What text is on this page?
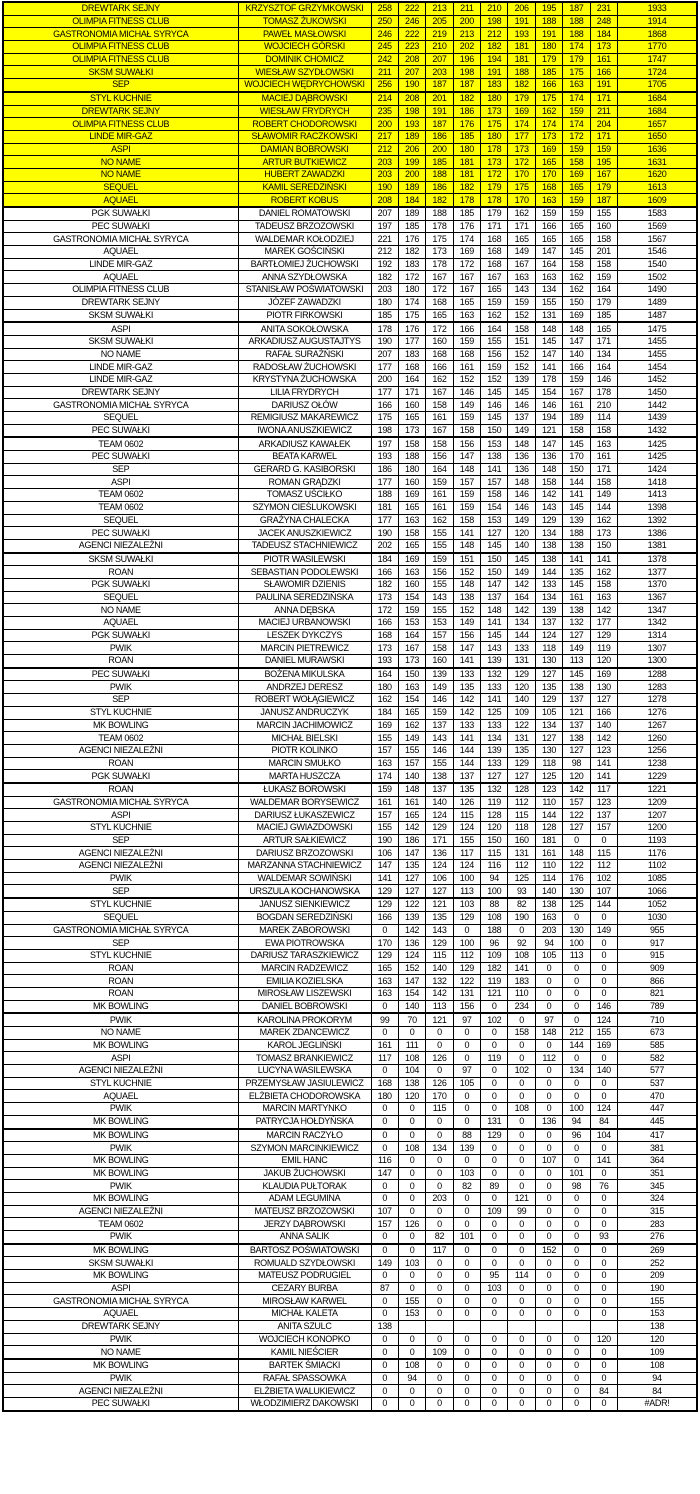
DREWTARK SEJNY	KRZYSZTOF GRZYMKOWSKI	258	222	213	211	210	206	195	187	231	1933
OLIMPIA FITNESS CLUB	TOMASZ ŻUKOWSKI	250	246	205	200	198	191	188	188	248	1914
GASTRONOMIA MICHAŁ SYRYCA	PAWEŁ MASŁOWSKI	246	222	219	213	212	193	191	188	184	1868
OLIMPIA FITNESS CLUB	WOJCIECH GÓRSKI	245	223	210	202	182	181	180	174	173	1770
OLIMPIA FITNESS CLUB	DOMINIK CHOMICZ	242	208	207	196	194	181	179	179	161	1747
SKSM SUWAŁKI	WIESŁAW SZYDŁOWSKI	211	207	203	198	191	188	185	175	166	1724
SEP	WOJCIECH WĘDRYCHOWSKI	256	190	187	187	183	182	166	163	191	1705
STYL KUCHNIE	MACIEJ DĄBROWSKI	214	208	201	182	180	179	175	174	171	1684
DREWTARK SEJNY	WIESŁAW FRYDRYCH	235	198	191	186	173	169	162	159	211	1684
OLIMPIA FITNESS CLUB	ROBERT CHODOROWSKI	200	193	187	176	175	174	174	174	204	1657
LINDE MIR-GAZ	SŁAWOMIR RACZKOWSKI	217	189	186	185	180	177	173	172	171	1650
ASPI	DAMIAN BOBROWSKI	212	206	200	180	178	173	169	159	159	1636
NO NAME	ARTUR BUTKIEWICZ	203	199	185	181	173	172	165	158	195	1631
NO NAME	HUBERT ZAWADZKI	203	200	188	181	172	170	170	169	167	1620
SEQUEL	KAMIL SEREDZIŃSKI	190	189	186	182	179	175	168	165	179	1613
AQUAEL	ROBERT KOBUS	208	184	182	178	178	170	163	159	187	1609
PGK SUWAŁKI	DANIEL ROMATOWSKI	207	189	188	185	179	162	159	159	155	1583
PEC SUWAŁKI	TADEUSZ BRZOZOWSKI	197	185	178	176	171	171	166	165	160	1569
GASTRONOMIA MICHAŁ SYRYCA	WALDEMAR KOŁODZIEJ	221	176	175	174	168	165	165	165	158	1567
AQUAEL	MAREK GOŚCIŃSKI	212	182	173	169	168	149	147	145	201	1546
LINDE MIR-GAZ	BARTŁOMIEJ ŻUCHOWSKI	192	183	178	172	168	167	164	158	158	1540
AQUAEL	ANNA SZYDŁOWSKA	182	172	167	167	167	163	163	162	159	1502
OLIMPIA FITNESS CLUB	STANISŁAW POŚWIATOWSKI	203	180	172	167	165	143	134	162	164	1490
DREWTARK SEJNY	JÓZEF ZAWADZKI	180	174	168	165	159	159	155	150	179	1489
SKSM SUWAŁKI	PIOTR FIRKOWSKI	185	175	165	163	162	152	131	169	185	1487
ASPI	ANITA SOKOŁOWSKA	178	176	172	166	164	158	148	148	165	1475
SKSM SUWAŁKI	ARKADIUSZ AUGUSTAJTYS	190	177	160	159	155	151	145	147	171	1455
NO NAME	RAFAŁ SURAŻŃSKI	207	183	168	168	156	152	147	140	134	1455
LINDE MIR-GAZ	RADOSŁAW ŻUCHOWSKI	177	168	166	161	159	152	141	166	164	1454
LINDE MIR-GAZ	KRYSTYNA ŻUCHOWSKA	200	164	162	152	152	139	178	159	146	1452
DREWTARK SEJNY	LILIA FRYDRYCH	177	171	167	146	145	145	154	167	178	1450
GASTRONOMIA MICHAŁ SYRYCA	DARIUSZ OŁÓW	166	160	158	149	146	146	146	161	210	1442
SEQUEL	REMIGIUSZ MAKAREWICZ	175	165	161	159	145	137	194	189	114	1439
PEC SUWAŁKI	IWONA ANUSZKIEWICZ	198	173	167	158	150	149	121	158	158	1432
TEAM 0602	ARKADIUSZ KAWAŁEK	197	158	158	156	153	148	147	145	163	1425
PEC SUWAŁKI	BEATA KARWEL	193	188	156	147	138	136	136	170	161	1425
SEP	GERARD G. KASIBORSKI	186	180	164	148	141	136	148	150	171	1424
ASPI	ROMAN GRĄDZKI	177	160	159	157	157	148	158	144	158	1418
TEAM 0602	TOMASZ UŚCIŁKO	188	169	161	159	158	146	142	141	149	1413
TEAM 0602	SZYMON CIEŚLUKOWSKI	181	165	161	159	154	146	143	145	144	1398
SEQUEL	GRAŻYNA CHALECKA	177	163	162	158	153	149	129	139	162	1392
PEC SUWAŁKI	JACEK ANUSZKIEWICZ	190	158	155	141	127	120	134	188	173	1386
AGENCI NIEZALEŻNI	TADEUSZ STACHNIEWICZ	202	165	155	148	145	140	138	138	150	1381
SKSM SUWAŁKI	PIOTR WASILEWSKI	184	169	159	151	150	145	138	141	141	1378
ROAN	SEBASTIAN PODOLEWSKI	166	163	156	152	150	149	144	135	162	1377
PGK SUWAŁKI	SŁAWOMIR DZIENIS	182	160	155	148	147	142	133	145	158	1370
SEQUEL	PAULINA SEREDZIŃSKA	173	154	143	138	137	164	134	161	163	1367
NO NAME	ANNA DĘBSKA	172	159	155	152	148	142	139	138	142	1347
AQUAEL	MACIEJ URBANOWSKI	166	153	153	149	141	134	137	132	177	1342
PGK SUWAŁKI	LESZEK DYKCZYS	168	164	157	156	145	144	124	127	129	1314
PWIK	MARCIN PIETREWICZ	173	167	158	147	143	133	118	149	119	1307
ROAN	DANIEL MURAWSKI	193	173	160	141	139	131	130	113	120	1300
PEC SUWAŁKI	BOŻENA MIKULSKA	164	150	139	133	132	129	127	145	169	1288
PWIK	ANDRZEJ DERESZ	180	163	149	135	133	120	135	138	130	1283
SEP	ROBERT WOŁĄGIEWICZ	162	154	146	142	141	140	129	137	127	1278
STYL KUCHNIE	JANUSZ ANDRUCZYK	184	165	159	142	125	109	105	121	166	1276
MK BOWLING	MARCIN JACHIMOWICZ	169	162	137	133	133	122	134	137	140	1267
TEAM 0602	MICHAŁ BIELSKI	155	149	143	141	134	131	127	138	142	1260
AGENCI NIEZALEŻNI	PIOTR KOLINKO	157	155	146	144	139	135	130	127	123	1256
ROAN	MARCIN SMUŁKO	163	157	155	144	133	129	118	98	141	1238
PGK SUWAŁKI	MARTA HUSZCZA	174	140	138	137	127	127	125	120	141	1229
ROAN	ŁUKASZ BOROWSKI	159	148	137	135	132	128	123	142	117	1221
GASTRONOMIA MICHAŁ SYRYCA	WALDEMAR BORYSEWICZ	161	161	140	126	119	112	110	157	123	1209
ASPI	DARIUSZ ŁUKASZEWICZ	157	165	124	115	128	115	144	122	137	1207
STYL KUCHNIE	MACIEJ GWIAZDOWSKI	155	142	129	124	120	118	128	127	157	1200
SEP	ARTUR SAŁKIEWICZ	190	186	171	155	150	160	181	0	0	1193
AGENCI NIEZALEŻNI	DARIUSZ BRZOZOWSKI	106	147	136	117	115	131	161	148	115	1176
AGENCI NIEZALEŻNI	MARZANNA STACHNIEWICZ	147	135	124	124	116	112	110	122	112	1102
PWIK	WALDEMAR SOWIŃSKI	141	127	106	100	94	125	114	176	102	1085
SEP	URSZULA KOCHANOWSKA	129	127	127	113	100	93	140	130	107	1066
STYL KUCHNIE	JANUSZ SIENKIEWICZ	129	122	121	103	88	82	138	125	144	1052
SEQUEL	BOGDAN SEREDZIŃSKI	166	139	135	129	108	190	163	0	0	1030
GASTRONOMIA MICHAŁ SYRYCA	MAREK ZABOROWSKI	0	142	143	0	188	0	203	130	149	955
SEP	EWA PIOTROWSKA	170	136	129	100	96	92	94	100	0	917
STYL KUCHNIE	DARIUSZ TARASZKIEWICZ	129	124	115	112	109	108	105	113	0	915
ROAN	MARCIN RADZEWICZ	165	152	140	129	182	141	0	0	0	909
ROAN	EMILIA KOZIELSKA	163	147	132	122	119	183	0	0	0	866
ROAN	MIROSŁAW LISZEWSKI	163	154	142	131	121	110	0	0	0	821
MK BOWLING	DANIEL BOBROWSKI	0	140	113	156	0	234	0	0	146	789
PWIK	KAROLINA PROKORYM	99	70	121	97	102	0	97	0	124	710
NO NAME	MAREK ZDANCEWICZ	0	0	0	0	0	158	148	212	155	673
MK BOWLING	KAROL JEGLIŃSKI	161	111	0	0	0	0	0	144	169	585
ASPI	TOMASZ BRANKIEWICZ	117	108	126	0	119	0	112	0	0	582
AGENCI NIEZALEŻNI	LUCYNA WASILEWSKA	0	104	0	97	0	102	0	134	140	577
STYL KUCHNIE	PRZEMYSŁAW JASIULEWICZ	168	138	126	105	0	0	0	0	0	537
AQUAEL	ELŻBIETA CHODOROWSKA	180	120	170	0	0	0	0	0	0	470
PWIK	MARCIN MARTYNKO	0	0	115	0	0	108	0	100	124	447
MK BOWLING	PATRYCJA HOŁDYŃSKA	0	0	0	0	131	0	136	94	84	445
MK BOWLING	MARCIN RACZYŁO	0	0	0	88	129	0	0	96	104	417
PWIK	SZYMON MARCINKIEWICZ	0	108	134	139	0	0	0	0	0	381
MK BOWLING	EMIL HANC	116	0	0	0	0	0	107	0	141	364
MK BOWLING	JAKUB ŻUCHOWSKI	147	0	0	103	0	0	0	101	0	351
PWIK	KLAUDIA PUŁTORAK	0	0	0	82	89	0	0	98	76	345
MK BOWLING	ADAM LEGUMINA	0	0	203	0	0	121	0	0	0	324
AGENCI NIEZALEŻNI	MATEUSZ BRZOZOWSKI	107	0	0	0	109	99	0	0	0	315
TEAM 0602	JERZY DĄBROWSKI	157	126	0	0	0	0	0	0	0	283
PWIK	ANNA SALIK	0	0	82	101	0	0	0	0	93	276
MK BOWLING	BARTOSZ POŚWIATOWSKI	0	0	117	0	0	0	152	0	0	269
SKSM SUWAŁKI	ROMUALD SZYDŁOWSKI	149	103	0	0	0	0	0	0	0	252
MK BOWLING	MATEUSZ PODRUGIEL	0	0	0	0	95	114	0	0	0	209
ASPI	CEZARY BURBA	87	0	0	0	103	0	0	0	0	190
GASTRONOMIA MICHAŁ SYRYCA	MIROSŁAW KARWEL	0	155	0	0	0	0	0	0	0	155
AQUAEL	MICHAŁ KALETA	0	153	0	0	0	0	0	0	0	153
DREWTARK SEJNY	ANITA SZULC	138									138
PWIK	WOJCIECH KONOPKO	0	0	0	0	0	0	0	0	120	120
NO NAME	KAMIL NIEŚCIER	0	0	109	0	0	0	0	0	0	109
MK BOWLING	BARTEK ŚMIACKI	0	108	0	0	0	0	0	0	0	108
PWIK	RAFAŁ SPASSOWKA	0	94	0	0	0	0	0	0	0	94
AGENCI NIEZALEŻNI	ELŻBIETA WALUKIEWICZ	0	0	0	0	0	0	0	0	84	84
PEC SUWAŁKI	WŁODZIMIERZ DAKOWSKI	0	0	0	0	0	0	0	0	0	#ADR!
